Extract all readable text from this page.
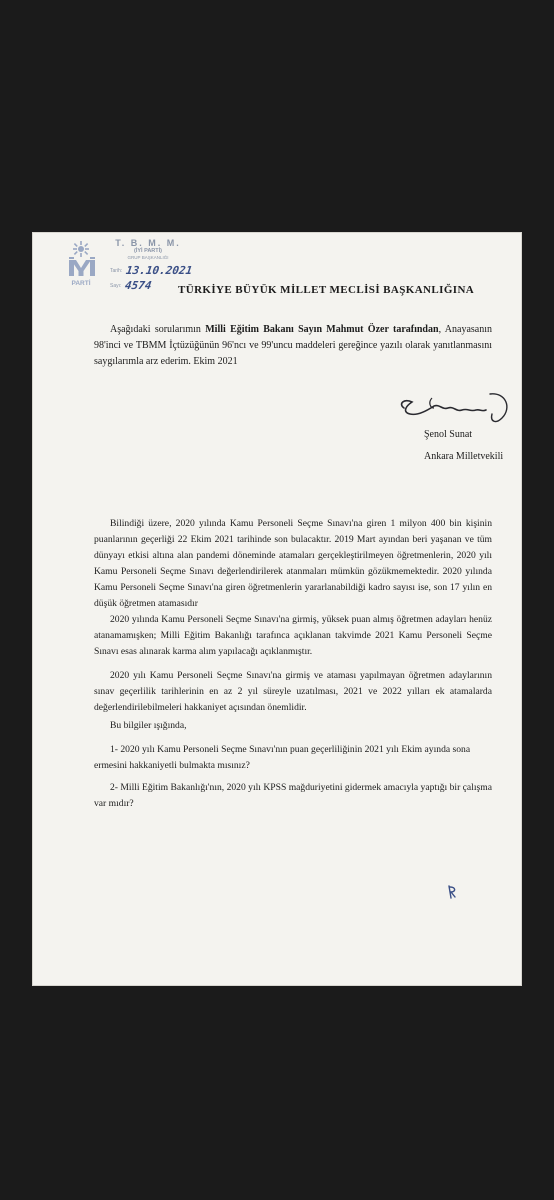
PARTİ
T. B. M. M.
(İYİ PARTİ)
GRUP BAŞKANLIĞI
Tarih: 13.10.2021
Sayı: 4574 TÜRKİYE BÜYÜK MİLLET MECLİSİ BAŞKANLIĞINA
Aşağıdaki sorularımın Milli Eğitim Bakanı Sayın Mahmut Özer tarafından, Anayasanın 98'inci ve TBMM İçtüzüğünün 96'ncı ve 99'uncu maddeleri gereğince yazılı olarak yanıtlanmasını saygılarımla arz ederim. Ekim 2021
Şenol Sunat
Ankara Milletvekili
Bilindiği üzere, 2020 yılında Kamu Personeli Seçme Sınavı'na giren 1 milyon 400 bin kişinin puanlarının geçerliği 22 Ekim 2021 tarihinde son bulacaktır. 2019 Mart ayından beri yaşanan ve tüm dünyayı etkisi altına alan pandemi döneminde atamaları gerçekleştirilmeyen öğretmenlerin, 2020 yılı Kamu Personeli Seçme Sınavı değerlendirilerek atanmaları mümkün gözükmemektedir. 2020 yılında Kamu Personeli Seçme Sınavı'na giren öğretmenlerin yararlanabildiği kadro sayısı ise, son 17 yılın en düşük öğretmen atamasıdır
2020 yılında Kamu Personeli Seçme Sınavı'na girmiş, yüksek puan almış öğretmen adayları henüz atanamamışken; Milli Eğitim Bakanlığı tarafınca açıklanan takvimde 2021 Kamu Personeli Seçme Sınavı esas alınarak karma alım yapılacağı açıklanmıştır.
2020 yılı Kamu Personeli Seçme Sınavı'na girmiş ve ataması yapılmayan öğretmen adaylarının sınav geçerlilik tarihlerinin en az 2 yıl süreyle uzatılması, 2021 ve 2022 yılları ek atamalarda değerlendirilebilmeleri hakkaniyet açısından önemlidir.
Bu bilgiler ışığında,
1- 2020 yılı Kamu Personeli Seçme Sınavı'nın puan geçerliliğinin 2021 yılı Ekim ayında sona ermesini hakkaniyetli bulmakta mısınız?
2- Milli Eğitim Bakanlığı'nın, 2020 yılı KPSS mağduriyetini gidermek amacıyla yaptığı bir çalışma var mıdır?
